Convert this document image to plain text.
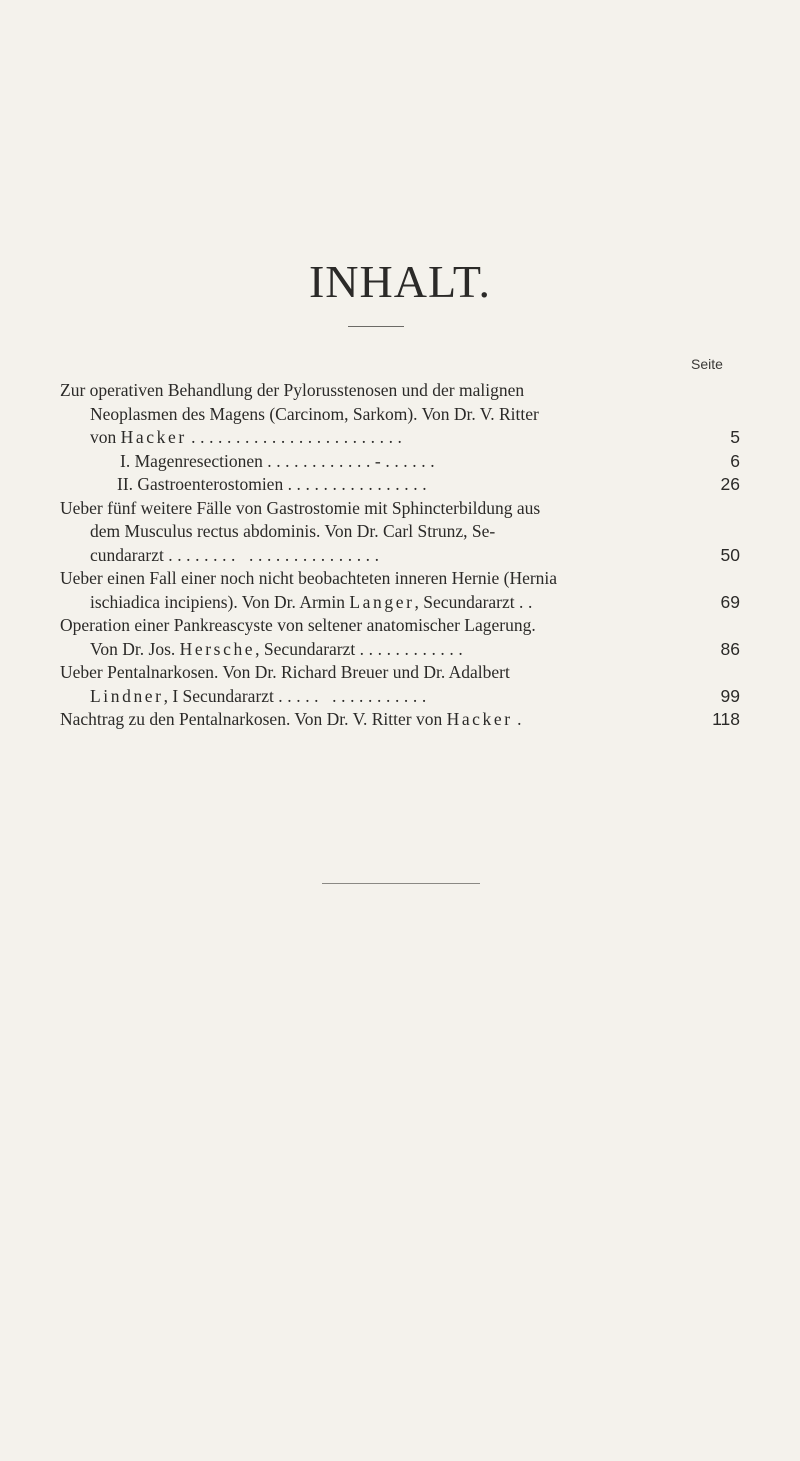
INHALT.
Seite
Zur operativen Behandlung der Pylorusstenosen und der malignen
Neoplasmen des Magens (Carcinom, Sarkom). Von Dr. V. Ritter
von Hacker ........................	5
I. Magenresectionen ............-......	6
II. Gastroenterostomien ................	26
Ueber fünf weitere Fälle von Gastrostomie mit Sphincterbildung aus
dem Musculus rectus abdominis. Von Dr. Carl Strunz, Se-
cundararzt ........ ...............	50
Ueber einen Fall einer noch nicht beobachteten inneren Hernie (Hernia
ischiadica incipiens). Von Dr. Armin Langer, Secundararzt ..	69
Operation einer Pankreascyste von seltener anatomischer Lagerung.
Von Dr. Jos. Hersche, Secundararzt ............	86
Ueber Pentalnarkosen. Von Dr. Richard Breuer und Dr. Adalbert
Lindner, I Secundararzt ..... ...........	99
Nachtrag zu den Pentalnarkosen. Von Dr. V. Ritter von Hacker .	118
